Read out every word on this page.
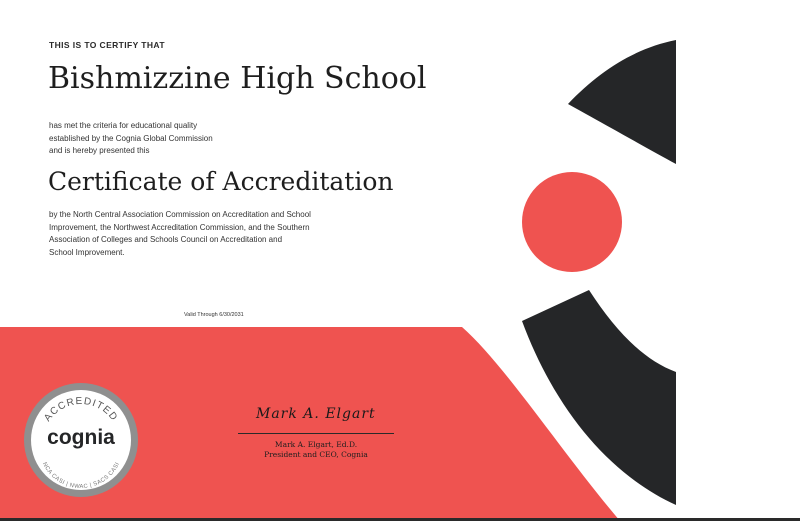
THIS IS TO CERTIFY THAT
Bishmizzine High School
has met the criteria for educational quality
established by the Cognia Global Commission
and is hereby presented this
Certificate of Accreditation
by the North Central Association Commission on Accreditation and School
Improvement, the Northwest Accreditation Commission, and the Southern
Association of Colleges and Schools Council on Accreditation and
School Improvement.
Valid Through 6/30/2031
Mark A. Elgart
Mark A. Elgart, Ed.D.
President and CEO, Cognia
ACCREDITED
cognia
NCA CASI | NWAC | SACS CASI
